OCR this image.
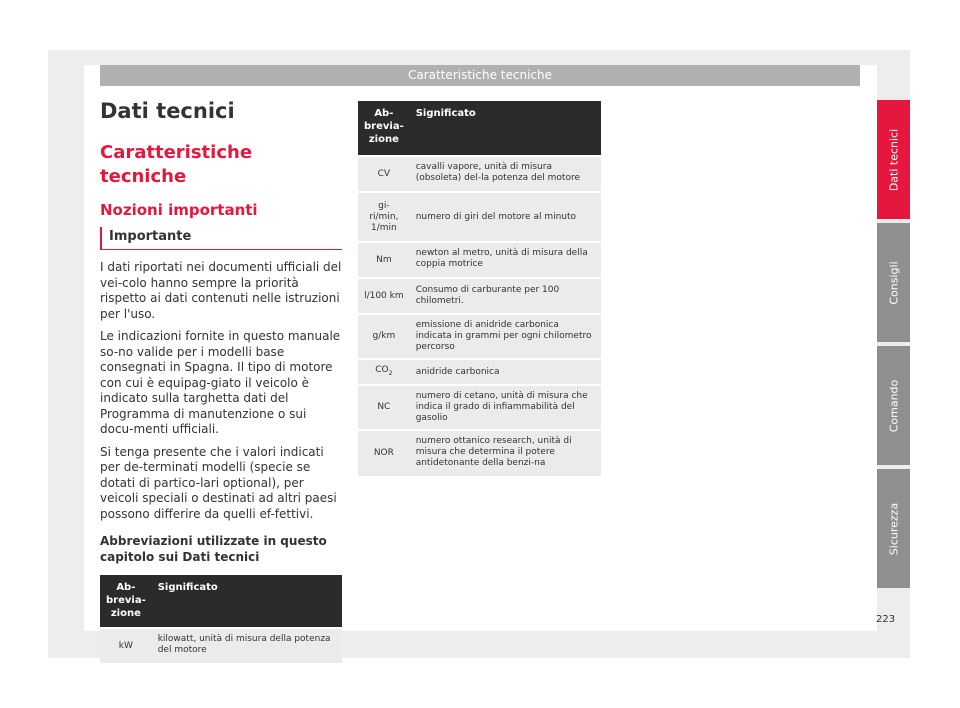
Caratteristiche tecniche
Dati tecnici
Caratteristiche tecniche
Nozioni importanti
Importante

I dati riportati nei documenti ufficiali del vei-colo hanno sempre la priorità rispetto ai dati contenuti nelle istruzioni per l'uso.

Le indicazioni fornite in questo manuale so-no valide per i modelli base consegnati in Spagna. Il tipo di motore con cui è equipag-giato il veicolo è indicato sulla targhetta dati del Programma di manutenzione o sui docu-menti ufficiali.

Si tenga presente che i valori indicati per de-terminati modelli (specie se dotati di partico-lari optional), per veicoli speciali o destinati ad altri paesi possono differire da quelli ef-fettivi.

Abbreviazioni utilizzate in questo capitolo sui Dati tecnici
Ab-brevia-zione	Significato
kW	kilowatt, unità di misura della potenza del motore
Ab-brevia-zione	Significato
CV	cavalli vapore, unità di misura (obsoleta) del-la potenza del motore
gi-ri/min, 1/min	numero di giri del motore al minuto
Nm	newton al metro, unità di misura della coppia motrice
l/100 km	Consumo di carburante per 100 chilometri.
g/km	emissione di anidride carbonica indicata in grammi per ogni chilometro percorso
$CO_2$	anidride carbonica
NC	numero di cetano, unità di misura che indica il grado di infiammabilità del gasolio
NOR	numero ottanico research, unità di misura che determina il potere antidetonante della benzi-na
Dati tecnici
Consigli
Comando
Sicurezza
223
